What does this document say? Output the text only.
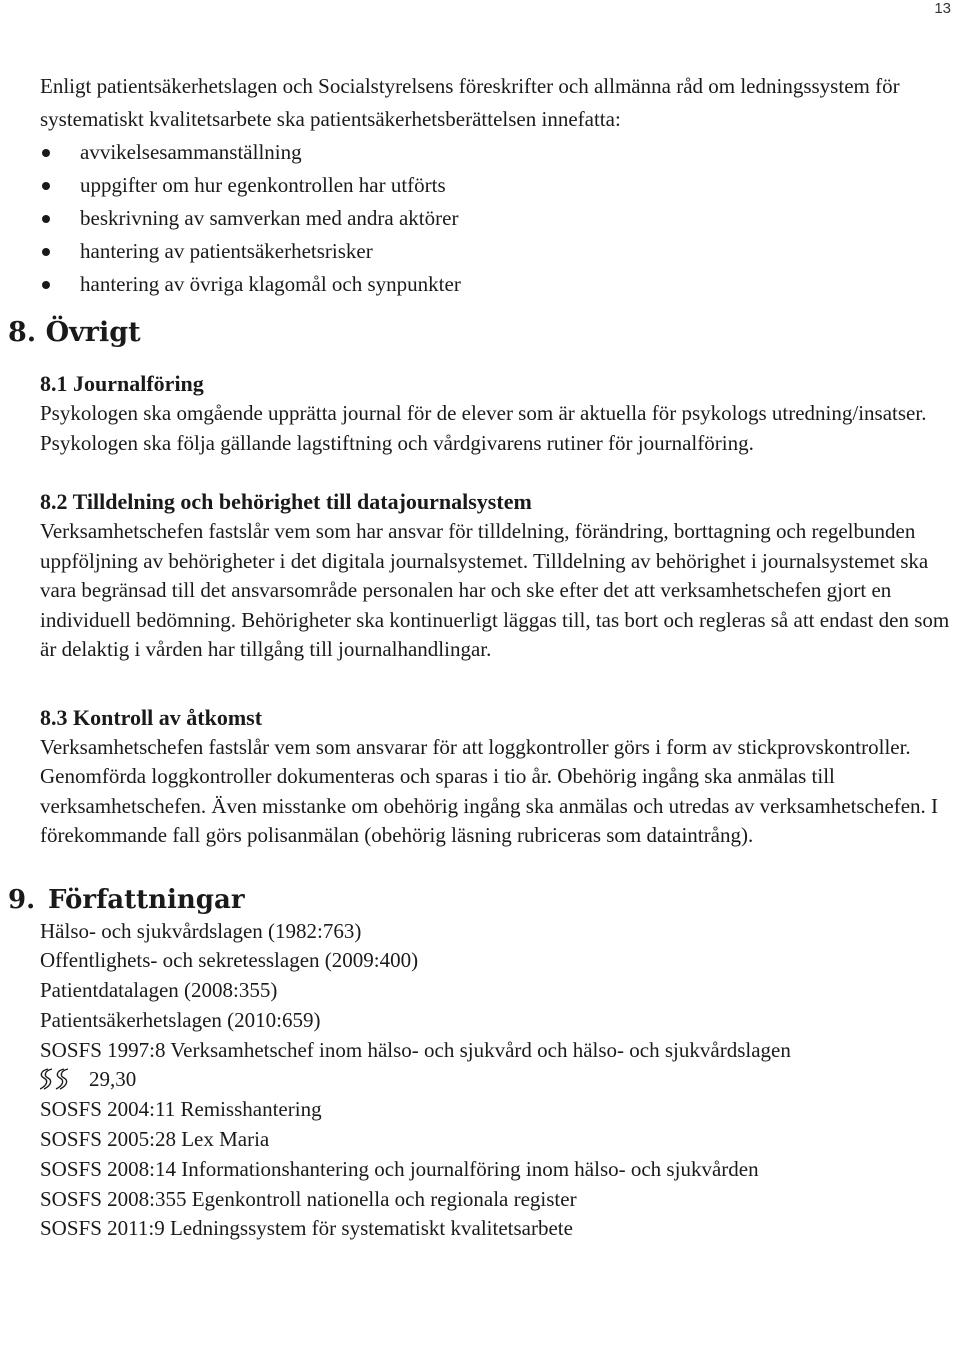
13

Enligt patientsäkerhetslagen och Socialstyrelsens föreskrifter och allmänna råd om ledningssystem för systematiskt kvalitetsarbete ska patientsäkerhetsberättelsen innefatta:

avvikelsesammanställning
uppgifter om hur egenkontrollen har utförts
beskrivning av samverkan med andra aktörer
hantering av patientsäkerhetsrisker
hantering av övriga klagomål och synpunkter
8. Övrigt
8.1 Journalföring

Psykologen ska omgående upprätta journal för de elever som är aktuella för psykologs utredning/insatser. Psykologen ska följa gällande lagstiftning och vårdgivarens rutiner för journalföring.

8.2 Tilldelning och behörighet till datajournalsystem

Verksamhetschefen fastslår vem som har ansvar för tilldelning, förändring, borttagning och regelbunden uppföljning av behörigheter i det digitala journalsystemet. Tilldelning av behörighet i journalsystemet ska vara begränsad till det ansvarsområde personalen har och ske efter det att verksamhetschefen gjort en individuell bedömning. Behörigheter ska kontinuerligt läggas till, tas bort och regleras så att endast den som är delaktig i vården har tillgång till journalhandlingar.

8.3 Kontroll av åtkomst

Verksamhetschefen fastslår vem som ansvarar för att loggkontroller görs i form av stickprovskontroller. Genomförda loggkontroller dokumenteras och sparas i tio år. Obehörig ingång ska anmälas till verksamhetschefen. Även misstanke om obehörig ingång ska anmälas och utredas av verksamhetschefen. I förekommande fall görs polisanmälan (obehörig läsning rubriceras som dataintrång).

9. Författningar
Hälso- och sjukvårdslagen (1982:763)
Offentlighets- och sekretesslagen (2009:400)
Patientdatalagen (2008:355)
Patientsäkerhetslagen (2010:659)
SOSFS 1997:8 Verksamhetschef inom hälso- och sjukvård och hälso- och sjukvårdslagen
29,30
SOSFS 2004:11 Remisshantering
SOSFS 2005:28 Lex Maria
SOSFS 2008:14 Informationshantering och journalföring inom hälso- och sjukvården
SOSFS 2008:355 Egenkontroll nationella och regionala register
SOSFS 2011:9 Ledningssystem för systematiskt kvalitetsarbete
